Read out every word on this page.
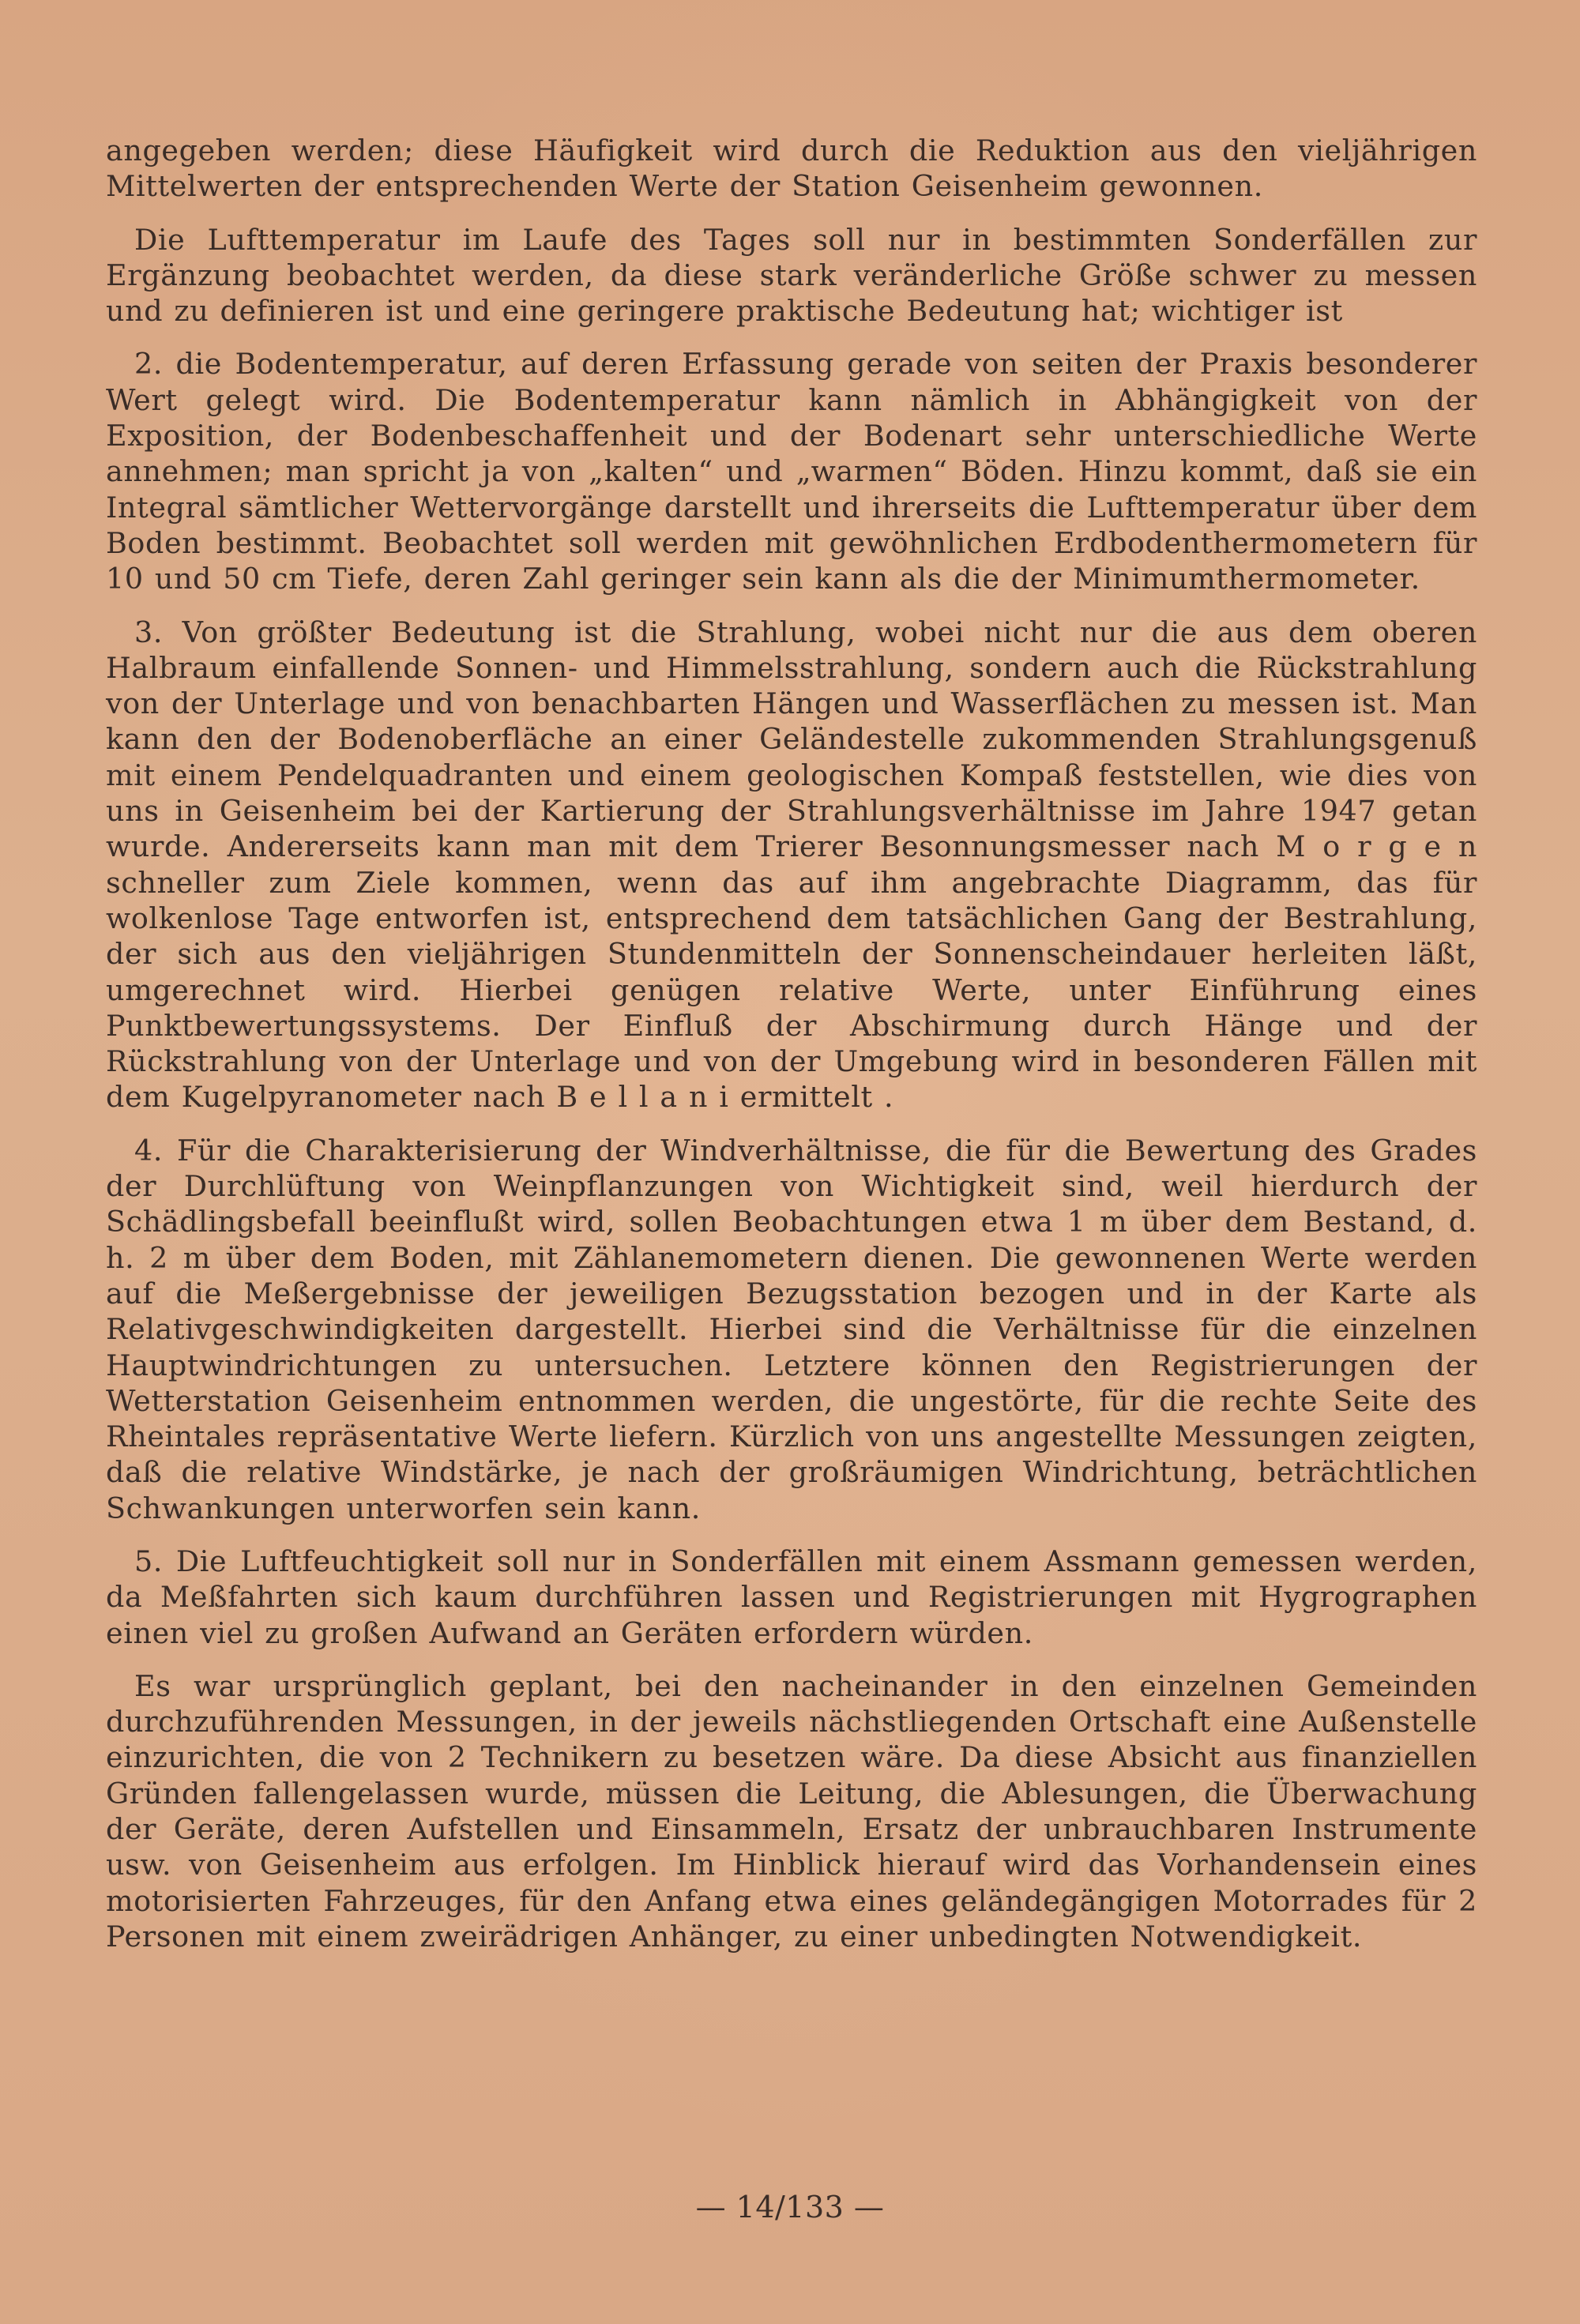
angegeben werden; diese Häufigkeit wird durch die Reduktion aus den vieljährigen Mittelwerten der entsprechenden Werte der Station Geisenheim gewonnen.

Die Lufttemperatur im Laufe des Tages soll nur in bestimmten Sonderfällen zur Ergänzung beobachtet werden, da diese stark veränderliche Größe schwer zu messen und zu definieren ist und eine geringere praktische Bedeutung hat; wichtiger ist

2. die Bodentemperatur, auf deren Erfassung gerade von seiten der Praxis besonderer Wert gelegt wird. Die Bodentemperatur kann nämlich in Abhängigkeit von der Exposition, der Bodenbeschaffenheit und der Bodenart sehr unterschiedliche Werte annehmen; man spricht ja von „kalten“ und „warmen“ Böden. Hinzu kommt, daß sie ein Integral sämtlicher Wettervorgänge darstellt und ihrerseits die Lufttemperatur über dem Boden bestimmt. Beobachtet soll werden mit gewöhnlichen Erdbodenthermometern für 10 und 50 cm Tiefe, deren Zahl geringer sein kann als die der Minimumthermometer.

3. Von größter Bedeutung ist die Strahlung, wobei nicht nur die aus dem oberen Halbraum einfallende Sonnen- und Himmelsstrahlung, sondern auch die Rückstrahlung von der Unterlage und von benachbarten Hängen und Wasserflächen zu messen ist. Man kann den der Bodenoberfläche an einer Geländestelle zukommenden Strahlungsgenuß mit einem Pendelquadranten und einem geologischen Kompaß feststellen, wie dies von uns in Geisenheim bei der Kartierung der Strahlungsverhältnisse im Jahre 1947 getan wurde. Andererseits kann man mit dem Trierer Besonnungsmesser nach M o r g e n schneller zum Ziele kommen, wenn das auf ihm angebrachte Diagramm, das für wolkenlose Tage entworfen ist, entsprechend dem tatsächlichen Gang der Bestrahlung, der sich aus den vieljährigen Stundenmitteln der Sonnenscheindauer herleiten läßt, umgerechnet wird. Hierbei genügen relative Werte, unter Einführung eines Punktbewertungssystems. Der Einfluß der Abschirmung durch Hänge und der Rückstrahlung von der Unterlage und von der Umgebung wird in besonderen Fällen mit dem Kugelpyranometer nach B e l l a n i ermittelt .

4. Für die Charakterisierung der Windverhältnisse, die für die Bewertung des Grades der Durchlüftung von Weinpflanzungen von Wichtigkeit sind, weil hierdurch der Schädlingsbefall beeinflußt wird, sollen Beobachtungen etwa 1 m über dem Bestand, d. h. 2 m über dem Boden, mit Zählanemometern dienen. Die gewonnenen Werte werden auf die Meßergebnisse der jeweiligen Bezugsstation bezogen und in der Karte als Relativgeschwindigkeiten dargestellt. Hierbei sind die Verhältnisse für die einzelnen Hauptwindrichtungen zu untersuchen. Letztere können den Registrierungen der Wetterstation Geisenheim entnommen werden, die ungestörte, für die rechte Seite des Rheintales repräsentative Werte liefern. Kürzlich von uns angestellte Messungen zeigten, daß die relative Windstärke, je nach der großräumigen Windrichtung, beträchtlichen Schwankungen unterworfen sein kann.

5. Die Luftfeuchtigkeit soll nur in Sonderfällen mit einem Assmann gemessen werden, da Meßfahrten sich kaum durchführen lassen und Registrierungen mit Hygrographen einen viel zu großen Aufwand an Geräten erfordern würden.

Es war ursprünglich geplant, bei den nacheinander in den einzelnen Gemeinden durchzuführenden Messungen, in der jeweils nächstliegenden Ortschaft eine Außenstelle einzurichten, die von 2 Technikern zu besetzen wäre. Da diese Absicht aus finanziellen Gründen fallengelassen wurde, müssen die Leitung, die Ablesungen, die Überwachung der Geräte, deren Aufstellen und Einsammeln, Ersatz der unbrauchbaren Instrumente usw. von Geisenheim aus erfolgen. Im Hinblick hierauf wird das Vorhandensein eines motorisierten Fahrzeuges, für den Anfang etwa eines geländegängigen Motorrades für 2 Personen mit einem zweirädrigen Anhänger, zu einer unbedingten Notwendigkeit.

— 14/133 —
